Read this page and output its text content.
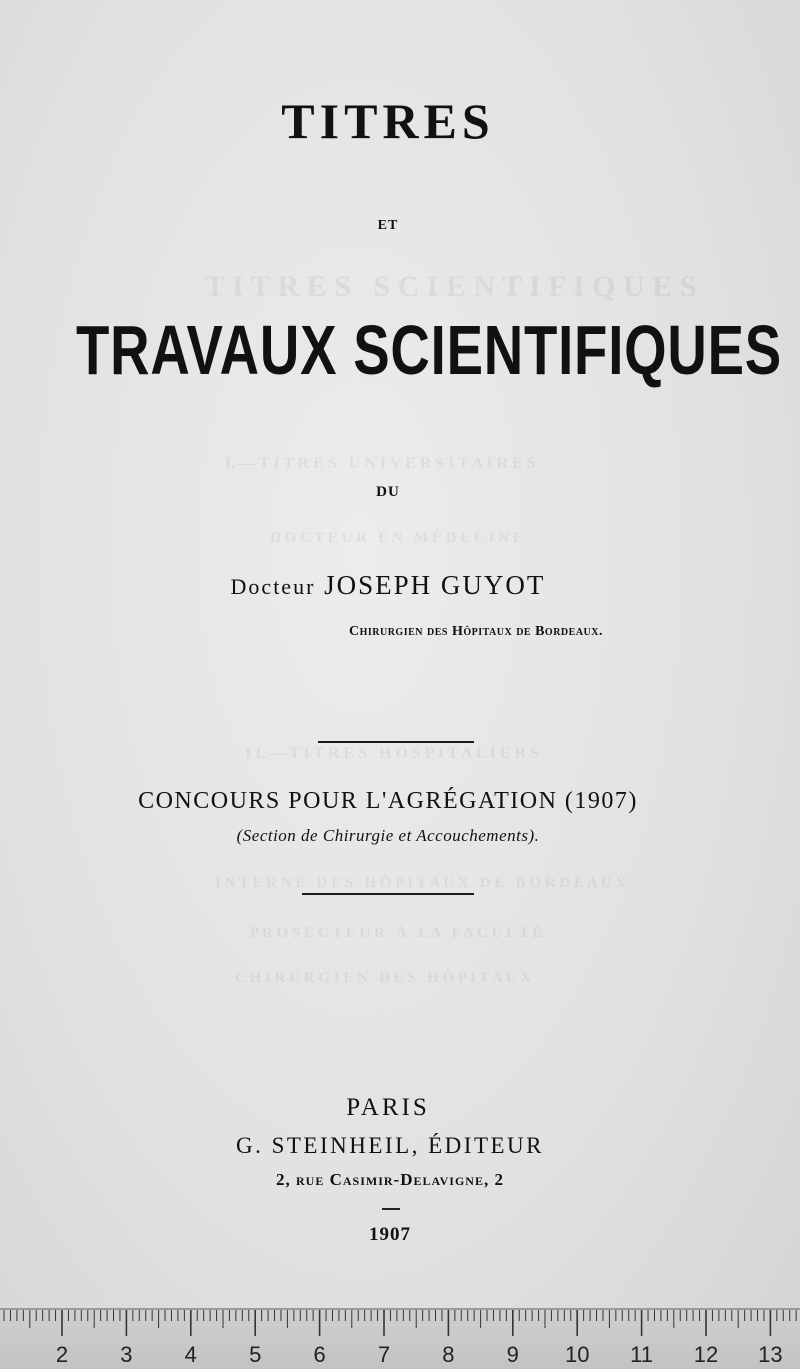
T I T R E S   S C I E N T I F I Q U E S
I. — T I T R E S   U N I V E R S I T A I R E S
D O C T E U R   E N   M É D E C I N E
I I. — T I T R E S   H O S P I T A L I E R S
I N T E R N E   D E S   H Ô P I T A U X   D E   B O R D E A U X
P R O S E C T E U R   À   L A   F A C U L T É
C H I R U R G I E N   D E S   H Ô P I T A U X
TITRES
ET
TRAVAUX SCIENTIFIQUES
DU
Docteur JOSEPH GUYOT
Chirurgien des Hôpitaux de Bordeaux.
CONCOURS POUR L'AGRÉGATION (1907)
(Section de Chirurgie et Accouchements).
PARIS
G. STEINHEIL, ÉDITEUR
2, rue Casimir-Delavigne, 2
1907
2 3 4 5 6 7 8 9 10 11 12 13
